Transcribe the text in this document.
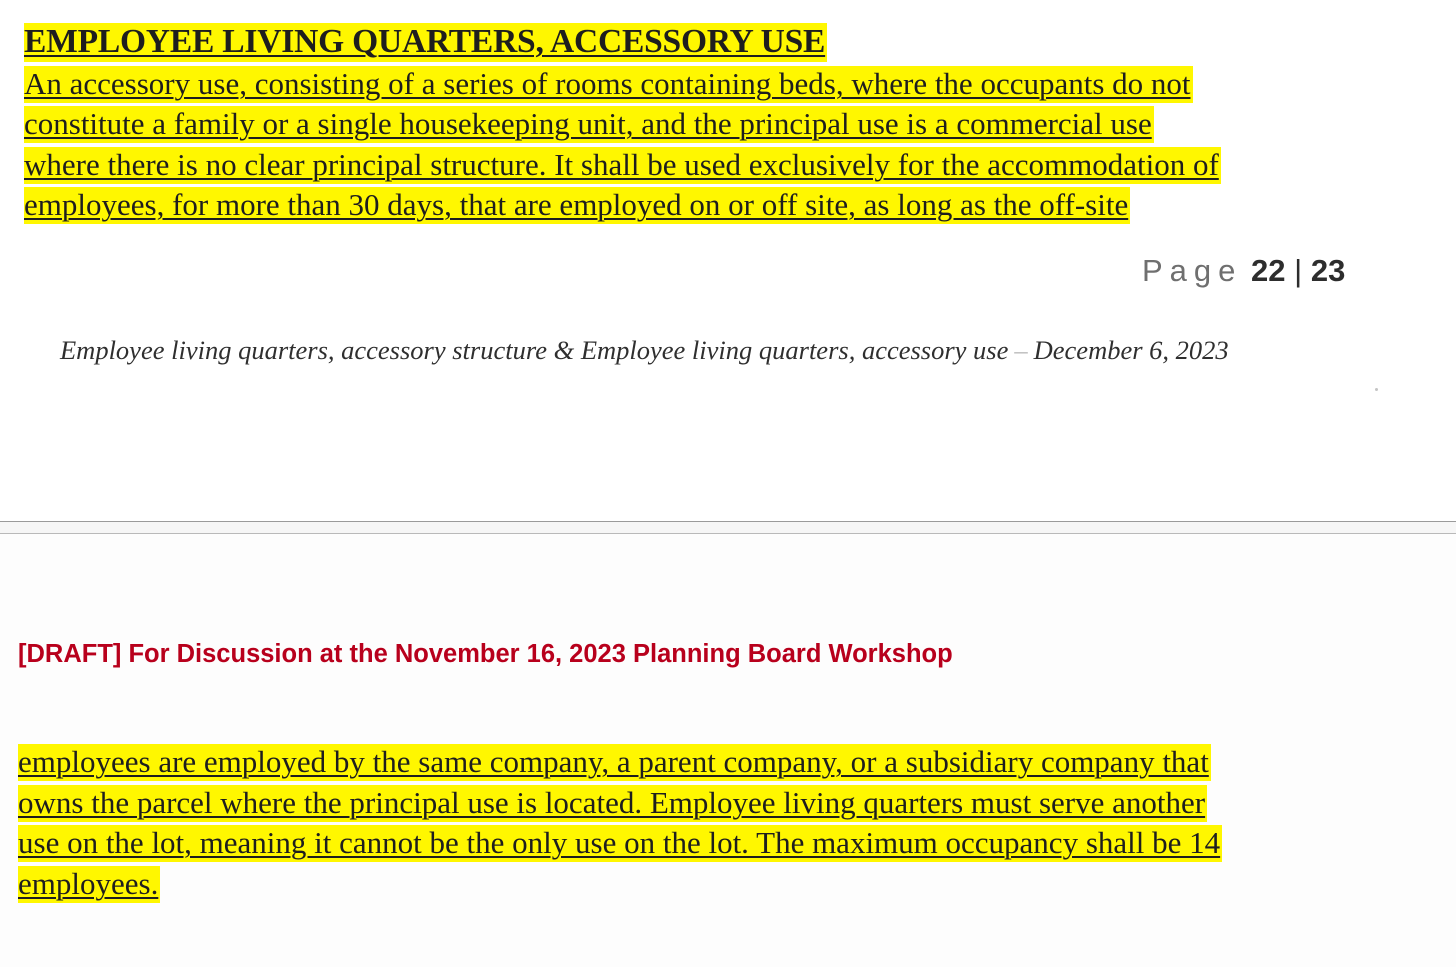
EMPLOYEE LIVING QUARTERS, ACCESSORY USE
An accessory use, consisting of a series of rooms containing beds, where the occupants do not
constitute a family or a single housekeeping unit, and the principal use is a commercial use
where there is no clear principal structure. It shall be used exclusively for the accommodation of
employees, for more than 30 days, that are employed on or off site, as long as the off-site
Page 22 | 23
Employee living quarters, accessory structure & Employee living quarters, accessory use – December 6, 2023
[DRAFT] For Discussion at the November 16, 2023 Planning Board Workshop
employees are employed by the same company, a parent company, or a subsidiary company that
owns the parcel where the principal use is located. Employee living quarters must serve another
use on the lot, meaning it cannot be the only use on the lot. The maximum occupancy shall be 14
employees.
